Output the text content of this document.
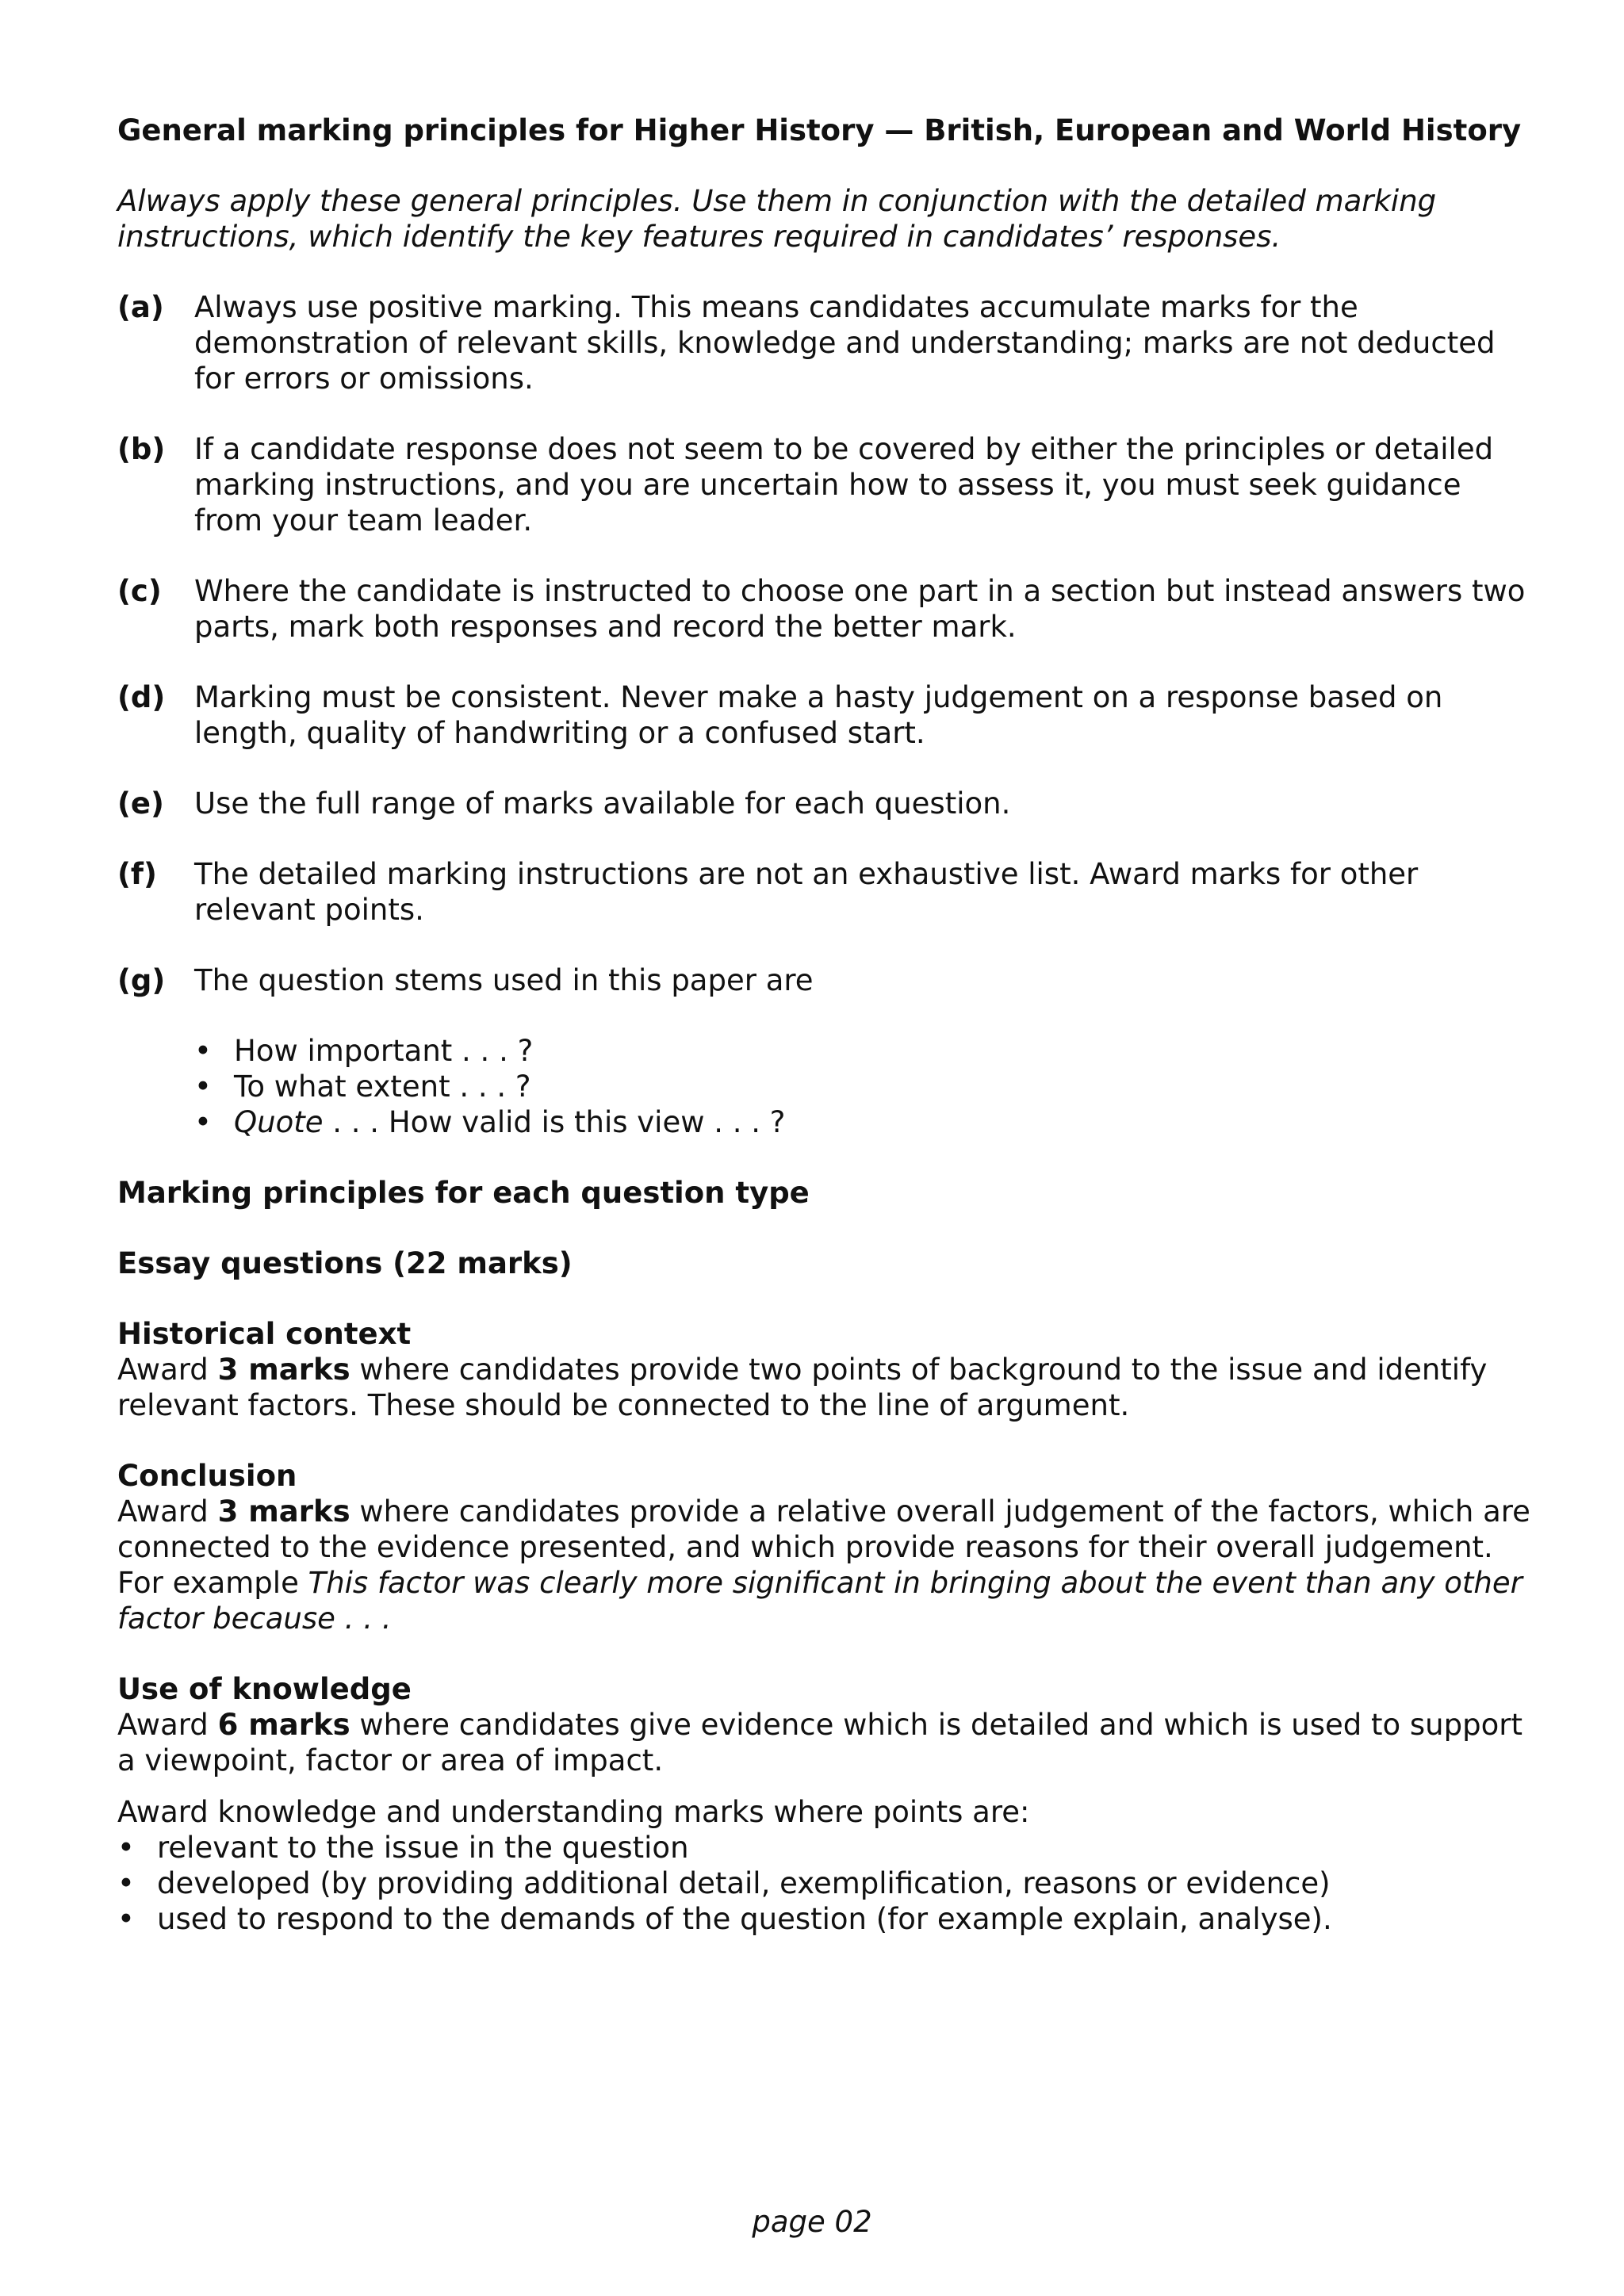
General marking principles for Higher History — British, European and World History

Always apply these general principles. Use them in conjunction with the detailed marking instructions, which identify the key features required in candidates’ responses.

(a)	Always use positive marking. This means candidates accumulate marks for the demonstration of relevant skills, knowledge and understanding; marks are not deducted for errors or omissions.
(b) If a candidate response does not seem to be covered by either the principles or detailed marking instructions, and you are uncertain how to assess it, you must seek guidance from your team leader.
(c)	Where the candidate is instructed to choose one part in a section but instead answers two parts, mark both responses and record the better mark.
(d) Marking must be consistent. Never make a hasty judgement on a response based on length, quality of handwriting or a confused start.
(e)	Use the full range of marks available for each question.
(f)	The detailed marking instructions are not an exhaustive list. Award marks for other relevant points.
(g) The question stems used in this paper are
• How important . . . ?
• To what extent . . . ?
• Quote . . . How valid is this view . . . ?

Marking principles for each question type

Essay questions (22 marks)

Historical context

Award 3 marks where candidates provide two points of background to the issue and identify relevant factors. These should be connected to the line of argument.

Conclusion

Award 3 marks where candidates provide a relative overall judgement of the factors, which are connected to the evidence presented, and which provide reasons for their overall judgement.

For example This factor was clearly more significant in bringing about the event than any other factor because . . .

Use of knowledge

Award 6 marks where candidates give evidence which is detailed and which is used to support a viewpoint, factor or area of impact.

Award knowledge and understanding marks where points are:

• relevant to the issue in the question
• developed (by providing additional detail, exemplification, reasons or evidence)
• used to respond to the demands of the question (for example explain, analyse).
page 02
